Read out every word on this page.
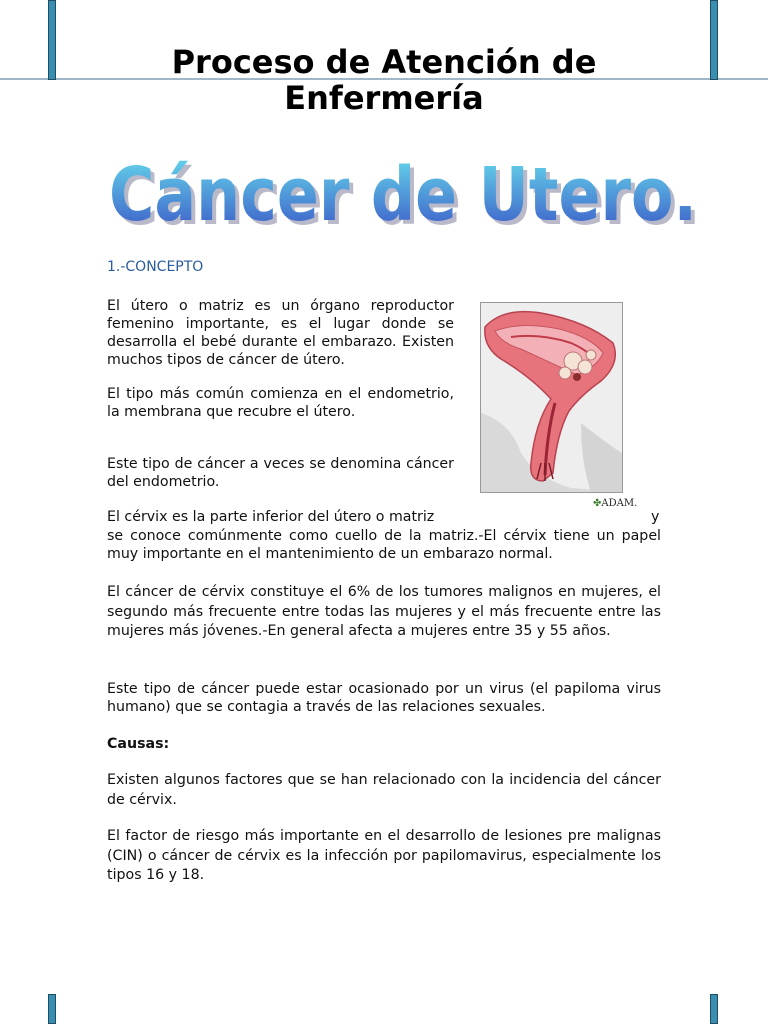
Proceso de Atención de Enfermería
Cáncer de Utero.
Cáncer de Utero.
1.-CONCEPTO

El útero o matriz es un órgano reproductor femenino importante, es el lugar donde se desarrolla el bebé durante el embarazo. Existen muchos tipos de cáncer de útero.

El tipo más común comienza en el endometrio, la membrana que recubre el útero.

Este tipo de cáncer a veces se denomina cáncer del endometrio.

El cérvix es la parte inferior del útero o matriz	y

se conoce comúnmente como cuello de la matriz.-El cérvix tiene un papel muy importante en el mantenimiento de un embarazo normal.

El cáncer de cérvix constituye el 6% de los tumores malignos en mujeres, el segundo más frecuente entre todas las mujeres y el más frecuente entre las mujeres más jóvenes.-En general afecta a mujeres entre 35 y 55 años.

Este tipo de cáncer puede estar ocasionado por un virus (el papiloma virus humano) que se contagia a través de las relaciones sexuales.

Causas:

Existen algunos factores que se han relacionado con la incidencia del cáncer de cérvix.

El factor de riesgo más importante en el desarrollo de lesiones pre malignas (CIN) o cáncer de cérvix es la infección por papilomavirus, especialmente los tipos 16 y 18.

✤ADAM.
